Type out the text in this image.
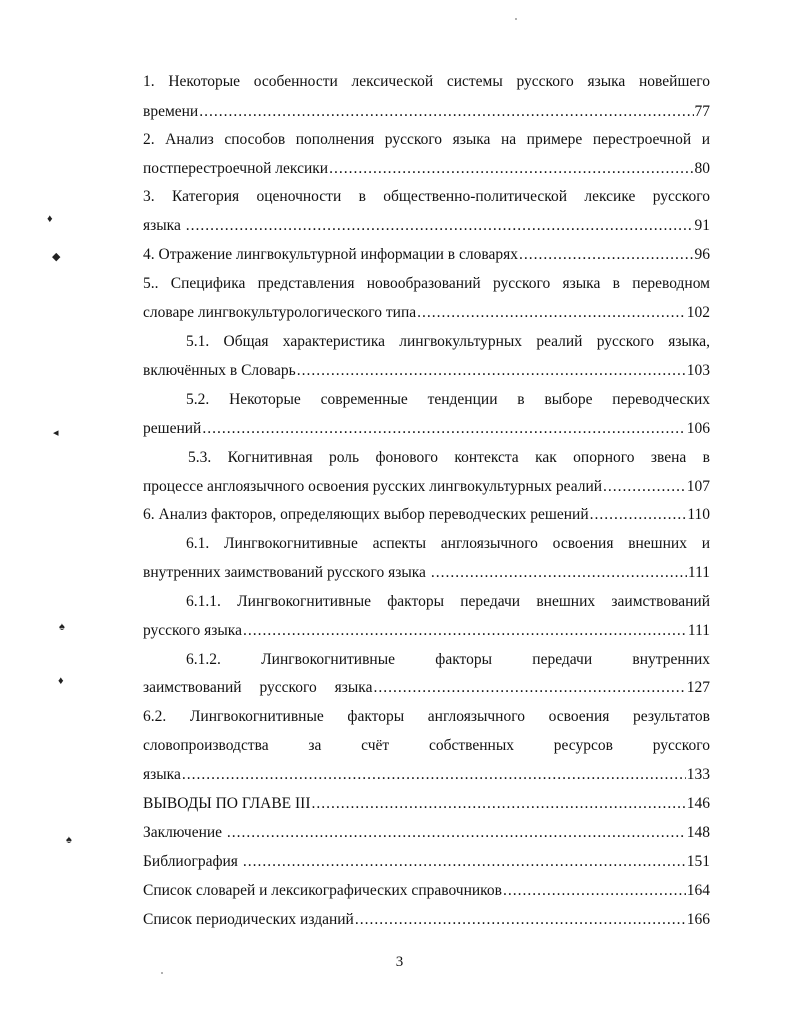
1. Некоторые особенности лексической системы русского языка новейшего
времени .....	77
2. Анализ способов пополнения русского языка на примере перестроечной и
постперестроечной лексики .....	80
3. Категория оценочности в общественно-политической лексике русского
языка .....	91
4. Отражение лингвокультурной информации в словарях .....	96
5.. Специфика представления новообразований русского языка в переводном
словаре лингвокультурологического типа .....	102
5.1. Общая характеристика лингвокультурных реалий русского языка,
включённых в Словарь .....	103
5.2. Некоторые современные тенденции в выборе переводческих
решений .....	106
5.3. Когнитивная роль фонового контекста как опорного звена в
процессе англоязычного освоения русских лингвокультурных реалий .....	107
6. Анализ факторов, определяющих выбор переводческих решений .....	110
6.1. Лингвокогнитивные аспекты англоязычного освоения внешних и
внутренних заимствований русского языка .....	111
6.1.1. Лингвокогнитивные факторы передачи внешних заимствований
русского языка .....	111
6.1.2. Лингвокогнитивные факторы передачи внутренних
заимствований русского языка .....	127
6.2. Лингвокогнитивные факторы англоязычного освоения результатов
словопроизводства за счёт собственных ресурсов русского
языка .....	133
ВЫВОДЫ ПО ГЛАВЕ III .....	146
Заключение .....	148
Библиография .....	151
Список словарей и лексикографических справочников .....	164
Список периодических изданий .....	166
3
♦
◆
◂
♠
♦
♠
